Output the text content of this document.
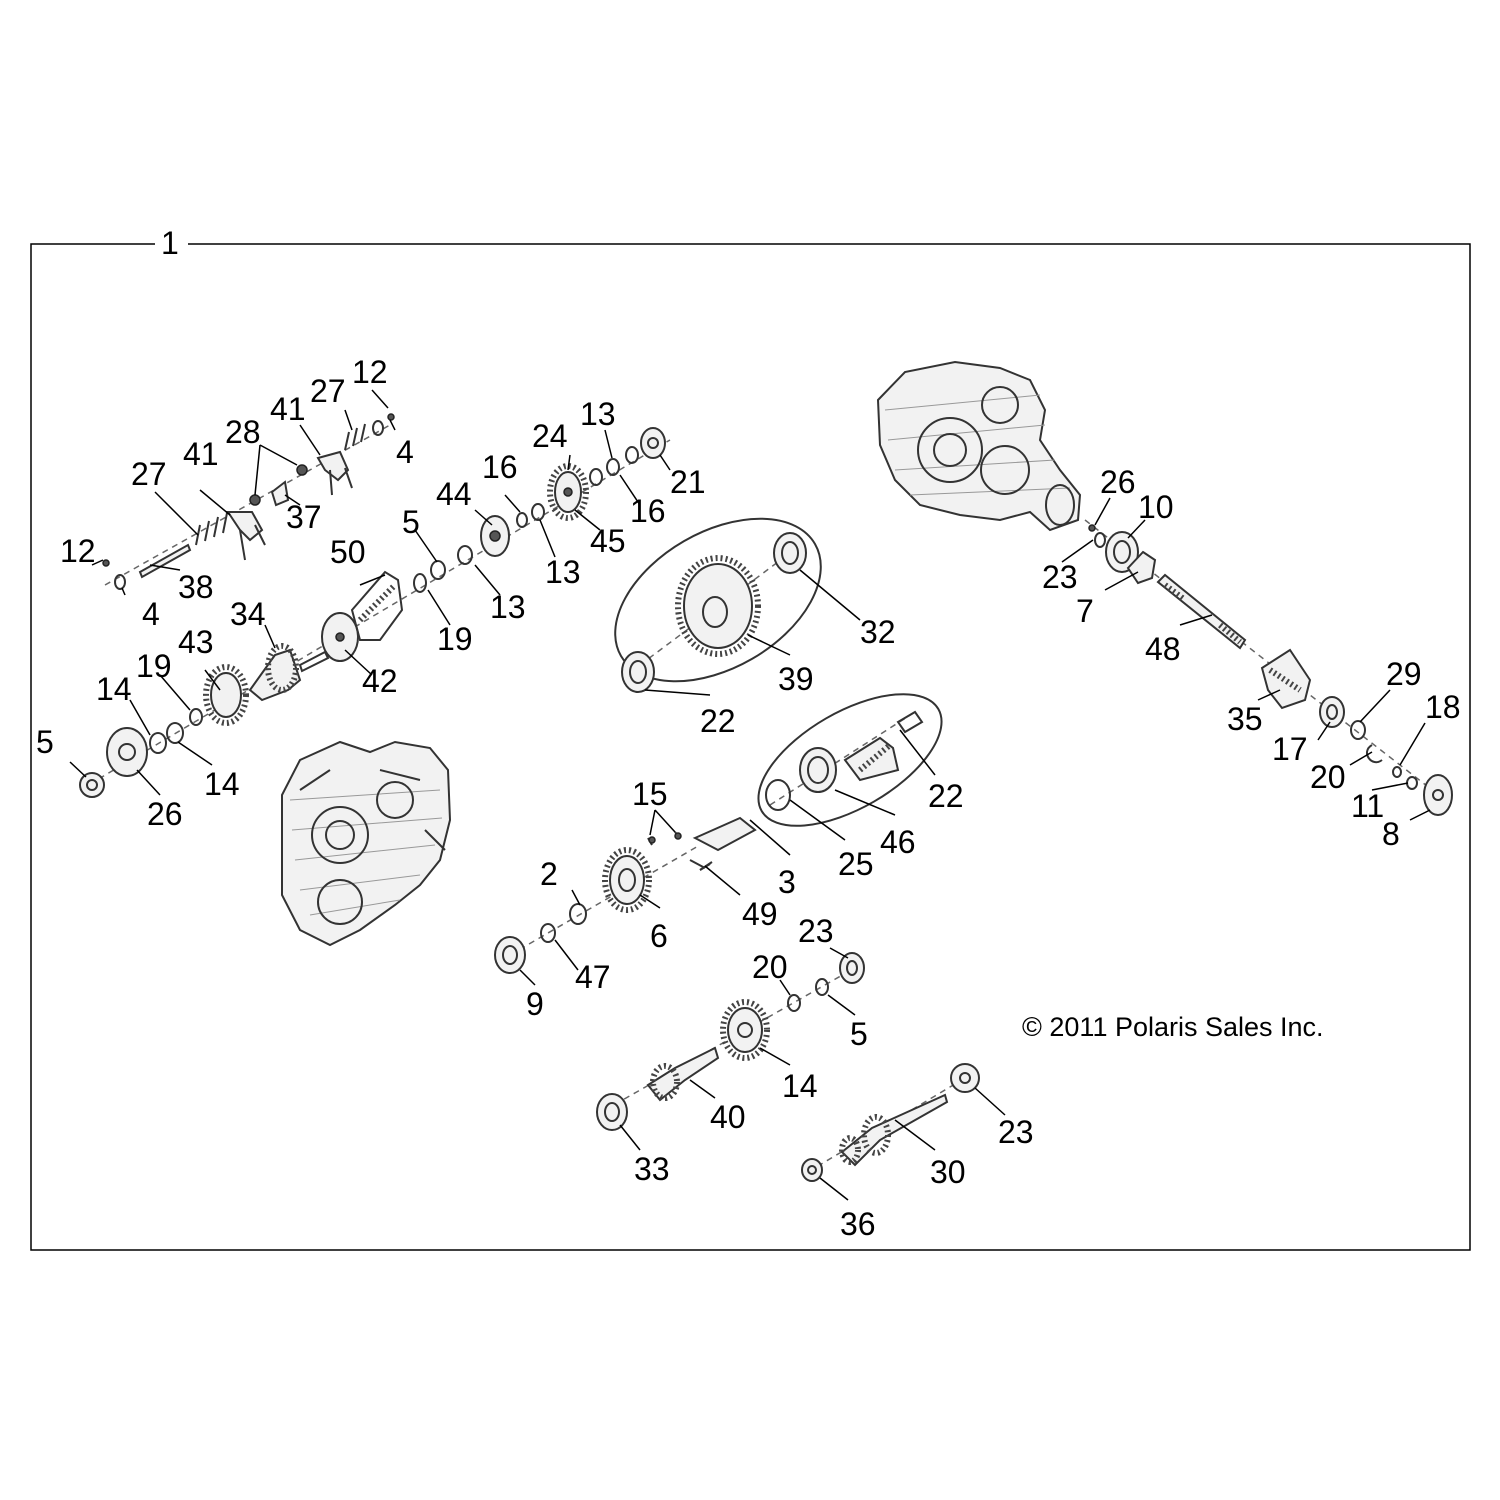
1
12
27
41
28
41
27
12
4
37
38
4 34
43
50
5
44
16
13
24
13
21
16
45
13
14
19
42
19
14
5
26
39
32
22
22
46
25
15
3
49
2
6
47
9
23
20
5
14
40
33
23
30
36
26
10
23
7
48
35
29
18
17
20
11
8
© 2011 Polaris Sales Inc.
